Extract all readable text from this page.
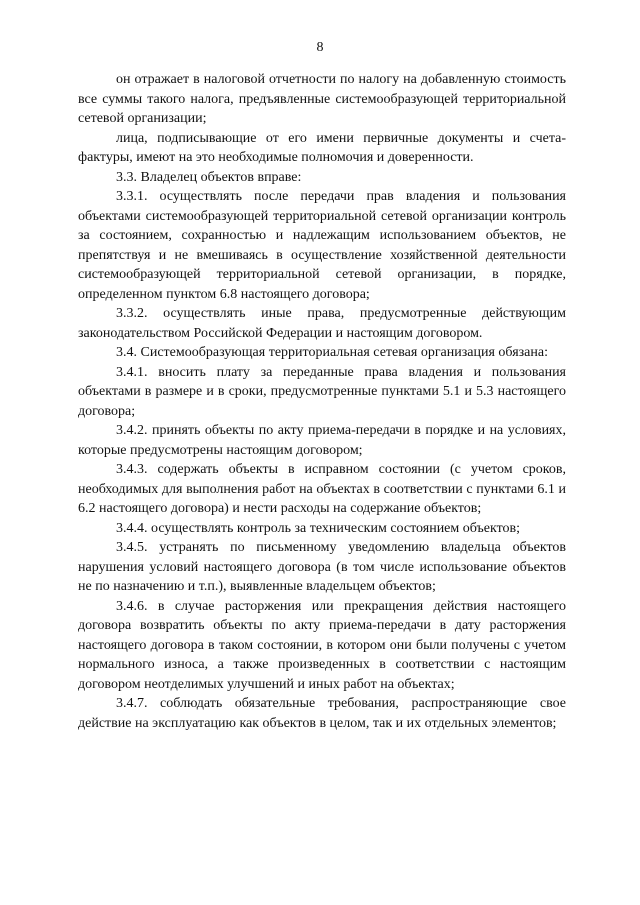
8

он отражает в налоговой отчетности по налогу на добавленную стоимость все суммы такого налога, предъявленные системообразующей территориальной сетевой организации;

лица, подписывающие от его имени первичные документы и счета-фактуры, имеют на это необходимые полномочия и доверенности.

3.3. Владелец объектов вправе:

3.3.1. осуществлять после передачи прав владения и пользования объектами системообразующей территориальной сетевой организации контроль за состоянием, сохранностью и надлежащим использованием объектов, не препятствуя и не вмешиваясь в осуществление хозяйственной деятельности системообразующей территориальной сетевой организации, в порядке, определенном пунктом 6.8 настоящего договора;

3.3.2. осуществлять иные права, предусмотренные действующим законодательством Российской Федерации и настоящим договором.

3.4. Системообразующая территориальная сетевая организация обязана:

3.4.1. вносить плату за переданные права владения и пользования объектами в размере и в сроки, предусмотренные пунктами 5.1 и 5.3 настоящего договора;

3.4.2. принять объекты по акту приема-передачи в порядке и на условиях, которые предусмотрены настоящим договором;

3.4.3. содержать объекты в исправном состоянии (с учетом сроков, необходимых для выполнения работ на объектах в соответствии с пунктами 6.1 и 6.2 настоящего договора) и нести расходы на содержание объектов;

3.4.4. осуществлять контроль за техническим состоянием объектов;

3.4.5. устранять по письменному уведомлению владельца объектов нарушения условий настоящего договора (в том числе использование объектов не по назначению и т.п.), выявленные владельцем объектов;

3.4.6. в случае расторжения или прекращения действия настоящего договора возвратить объекты по акту приема-передачи в дату расторжения настоящего договора в таком состоянии, в котором они были получены с учетом нормального износа, а также произведенных в соответствии с настоящим договором неотделимых улучшений и иных работ на объектах;

3.4.7. соблюдать обязательные требования, распространяющие свое действие на эксплуатацию как объектов в целом, так и их отдельных элементов;
